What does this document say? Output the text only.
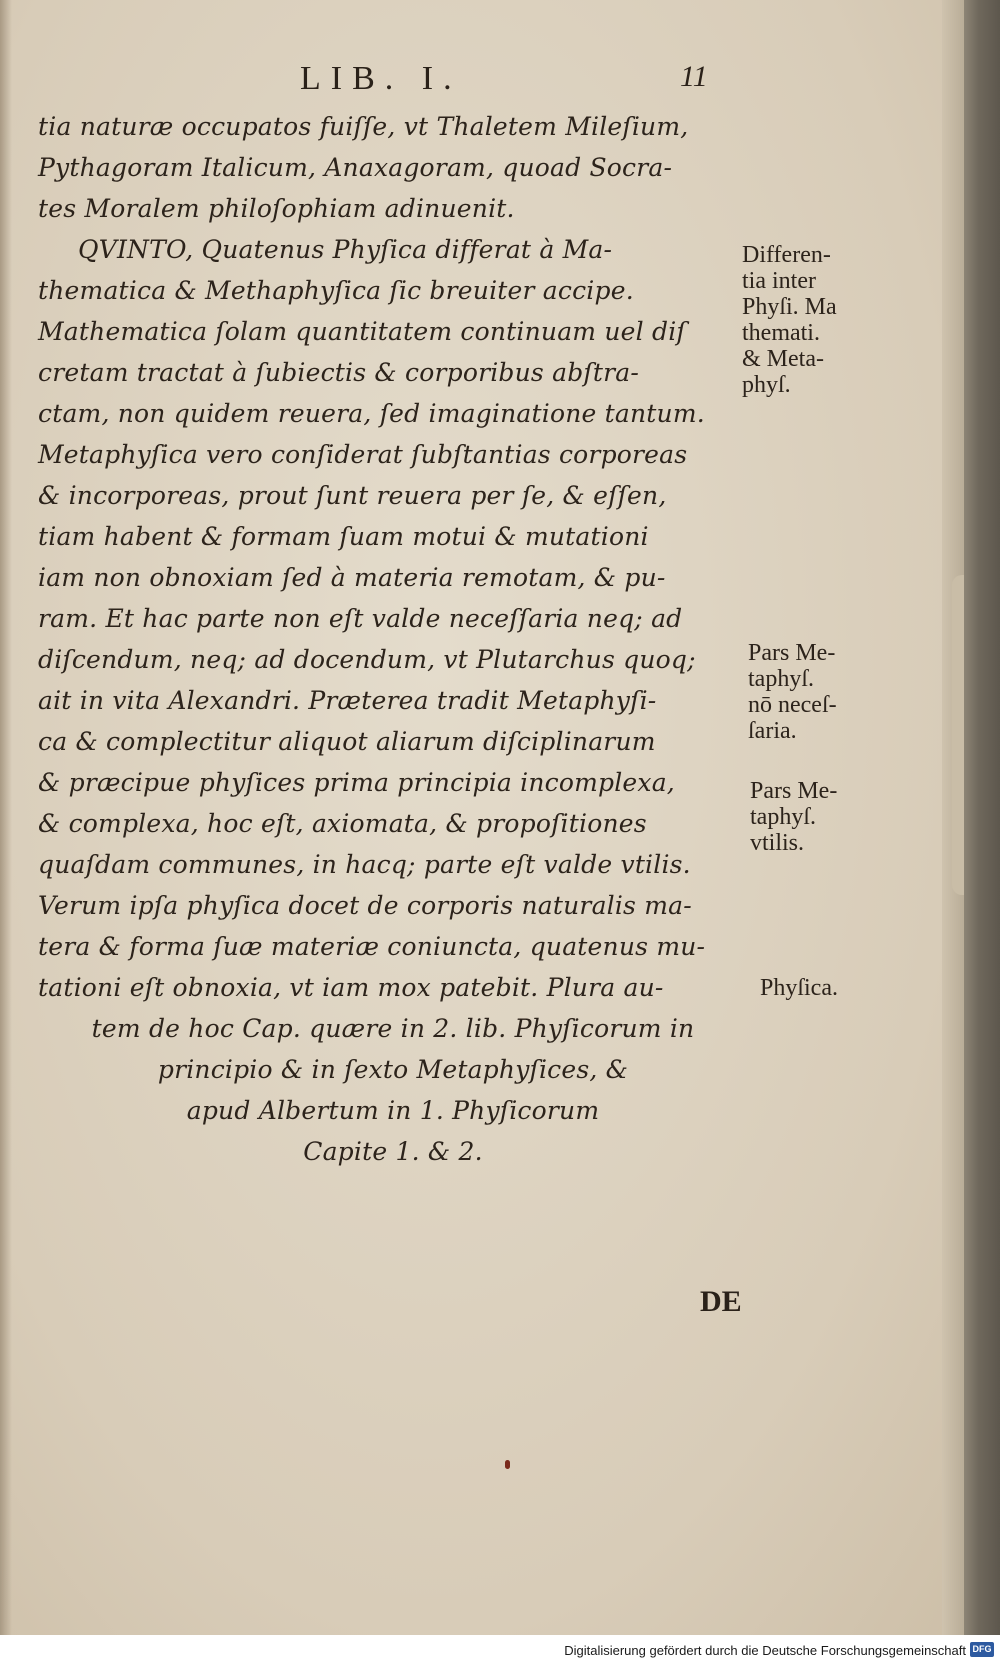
LIB. I.	11
tia naturæ occupatos fuiſſe, vt Thaletem Mileſium,
Pythagoram Italicum, Anaxagoram, quoad Socra-
tes Moralem philoſophiam adinuenit.
QVINTO, Quatenus Phyſica differat à Ma-
thematica & Methaphyſica ſic breuiter accipe.
Mathematica ſolam quantitatem continuam uel diſ
cretam tractat à ſubiectis & corporibus abſtra-
ctam, non quidem reuera, ſed imaginatione tantum.
Metaphyſica vero conſiderat ſubſtantias corporeas
& incorporeas, prout ſunt reuera per ſe, & eſſen,
tiam habent & formam ſuam motui & mutationi
iam non obnoxiam ſed à materia remotam, & pu-
ram. Et hac parte non eſt valde neceſſaria neq; ad
diſcendum, neq; ad docendum, vt Plutarchus quoq;
ait in vita Alexandri. Præterea tradit Metaphyſi-
ca & complectitur aliquot aliarum diſciplinarum
& præcipue phyſices prima principia incomplexa,
& complexa, hoc eſt, axiomata, & propoſitiones
quaſdam communes, in hacq; parte eſt valde vtilis.
Verum ipſa phyſica docet de corporis naturalis ma-
tera & forma ſuæ materiæ coniuncta, quatenus mu-
tationi eſt obnoxia, vt iam mox patebit. Plura au-
tem de hoc Cap. quære in 2. lib. Phyſicorum in
principio & in ſexto Metaphyſices, &
apud Albertum in 1. Phyſicorum
Capite 1. & 2.
Differen-
tia inter
Phyſi. Ma
themati.
& Meta-
phyſ.
Pars Me-
taphyſ.
nō neceſ-
ſaria.
Pars Me-
taphyſ.
vtilis.
Phyſica.
DE
Digitalisierung gefördert durch die Deutsche Forschungsgemeinschaft DFG
